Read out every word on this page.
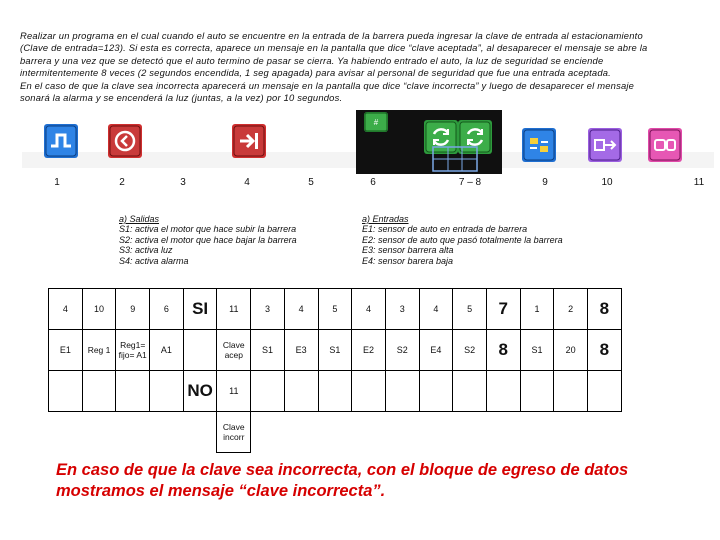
Realizar un programa en el cual cuando el auto se encuentre en la entrada de la barrera pueda ingresar la clave de entrada al estacionamiento
(Clave de entrada=123). Si esta es correcta, aparece un mensaje en la pantalla que dice “clave aceptada”, al desaparecer el mensaje se abre la
barrera y una vez que se detectó que el auto termino de pasar se cierra. Ya habiendo entrado el auto, la luz de seguridad se enciende
intermitentemente 8 veces (2 segundos encendida, 1 seg apagada) para avisar al personal de seguridad que fue una entrada aceptada.
En el caso de que la clave sea incorrecta aparecerá un mensaje en la pantalla que dice “clave incorrecta” y luego de desaparecer el mensaje
sonará la alarma y se encenderá la luz (juntas, a la vez) por 10 segundos.
#
1	2	3	4	5	6	7 – 8	9	10	11
a) Salidas
S1: activa el motor que hace subir la barrera
S2: activa el motor que hace bajar la barrera
S3: activa luz
S4: activa alarma
a) Entradas
E1: sensor de auto en entrada de barrera
E2: sensor de auto que pasó totalmente la barrera
E3: sensor barrera alta
E4: sensor barera baja
4	10	9	6	SI	11	3	4	5	4	3	4	5	7	1	2	8
E1	Reg 1	Reg1= fijo= A1	A1		Clave acep	S1	E3	S1	E2	S2	E4	S2	8	S1	20	8
				NO	11											
					Clave incorr											
En caso de que la clave sea incorrecta, con el bloque de egreso de datos mostramos el mensaje “clave incorrecta”.
